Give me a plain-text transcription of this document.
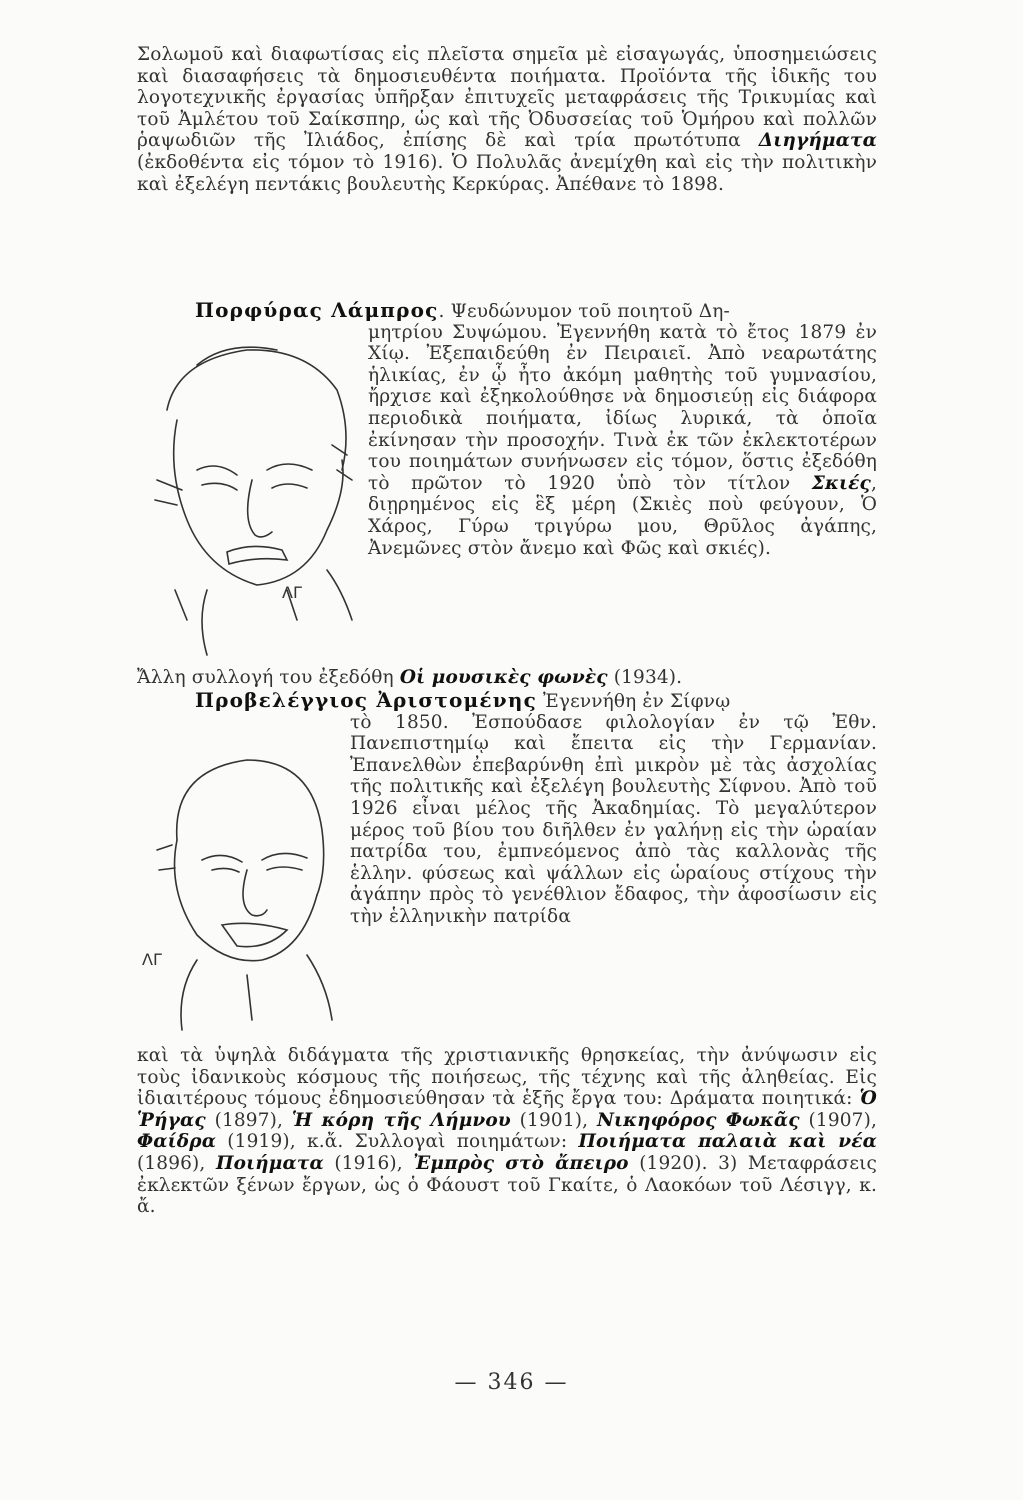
Σολωμοῦ καὶ διαφωτίσας εἰς πλεῖστα σημεῖα μὲ εἰσαγωγάς, ὑποσημειώσεις καὶ διασαφήσεις τὰ δημοσιευθέντα ποιήματα. Προϊόντα τῆς ἰδικῆς του λογοτεχνικῆς ἐργασίας ὑπῆρξαν ἐπιτυχεῖς μεταφράσεις τῆς Τρικυμίας καὶ τοῦ Ἀμλέτου τοῦ Σαίκσπηρ, ὡς καὶ τῆς Ὀδυσσείας τοῦ Ὁμήρου καὶ πολλῶν ῥαψωδιῶν τῆς Ἰλιάδος, ἐπίσης δὲ καὶ τρία πρωτότυπα Διηγήματα (ἐκδοθέντα εἰς τόμον τὸ 1916). Ὁ Πολυλᾶς ἀνεμίχθη καὶ εἰς τὴν πολιτικὴν καὶ ἐξελέγη πεντάκις βουλευτὴς Κερκύρας. Ἀπέθανε τὸ 1898.

Πορφύρας Λάμπρος. Ψευδώνυμον τοῦ ποιητοῦ Δη-
ΛΓ
μητρίου Συψώμου. Ἐγεννήθη κατὰ τὸ ἔτος 1879 ἐν Χίῳ. Ἐξεπαιδεύθη ἐν Πειραιεῖ. Ἀπὸ νεαρωτάτης ἡλικίας, ἐν ᾧ ἦτο ἀκόμη μαθητὴς τοῦ γυμνασίου, ἤρχισε καὶ ἐξηκολούθησε νὰ δημοσιεύῃ εἰς διάφορα περιοδικὰ ποιήματα, ἰδίως λυρικά, τὰ ὁποῖα ἐκίνησαν τὴν προσοχήν. Τινὰ ἐκ τῶν ἐκλεκτοτέρων του ποιημάτων συνήνωσεν εἰς τόμον, ὅστις ἐξεδόθη τὸ πρῶτον τὸ 1920 ὑπὸ τὸν τίτλον Σκιές, διῃρημένος εἰς ἓξ μέρη (Σκιὲς ποὺ φεύγουν, Ὁ Χάρος, Γύρω τριγύρω μου, Θρῦλος ἀγάπης, Ἀνεμῶνες στὸν ἄνεμο καὶ Φῶς καὶ σκιές).
Ἄλλη συλλογή του ἐξεδόθη Οἱ μουσικὲς φωνὲς (1934).
Προβελέγγιος Ἀριστομένης Ἐγεννήθη ἐν Σίφνῳ
ΛΓ
τὸ 1850. Ἐσπούδασε φιλολογίαν ἐν τῷ Ἐθν. Πανεπιστημίῳ καὶ ἔπειτα εἰς τὴν Γερμανίαν. Ἐπανελθὼν ἐπεβαρύνθη ἐπὶ μικρὸν μὲ τὰς ἀσχολίας τῆς πολιτικῆς καὶ ἐξελέγη βουλευτὴς Σίφνου. Ἀπὸ τοῦ 1926 εἶναι μέλος τῆς Ἀκαδημίας. Τὸ μεγαλύτερον μέρος τοῦ βίου του διῆλθεν ἐν γαλήνῃ εἰς τὴν ὡραίαν πατρίδα του, ἐμπνεόμενος ἀπὸ τὰς καλλονὰς τῆς ἑλλην. φύσεως καὶ ψάλλων εἰς ὡραίους στίχους τὴν ἀγάπην πρὸς τὸ γενέθλιον ἔδαφος, τὴν ἀφοσίωσιν εἰς τὴν ἑλληνικὴν πατρίδα
καὶ τὰ ὑψηλὰ διδάγματα τῆς χριστιανικῆς θρησκείας, τὴν ἀνύψωσιν εἰς τοὺς ἰδανικοὺς κόσμους τῆς ποιήσεως, τῆς τέχνης καὶ τῆς ἀληθείας. Εἰς ἰδιαιτέρους τόμους ἐδημοσιεύθησαν τὰ ἑξῆς ἔργα του: Δράματα ποιητικά: Ὁ Ῥήγας (1897), Ἡ κόρη τῆς Λήμνου (1901), Νικηφόρος Φωκᾶς (1907), Φαίδρα (1919), κ.ἄ. Συλλογαὶ ποιημάτων: Ποιήματα παλαιὰ καὶ νέα (1896), Ποιήματα (1916), Ἐμπρὸς στὸ ἄπειρο (1920). 3) Μεταφράσεις ἐκλεκτῶν ξένων ἔργων, ὡς ὁ Φάουστ τοῦ Γκαίτε, ὁ Λαοκόων τοῦ Λέσιγγ, κ. ἄ.
— 346 —
